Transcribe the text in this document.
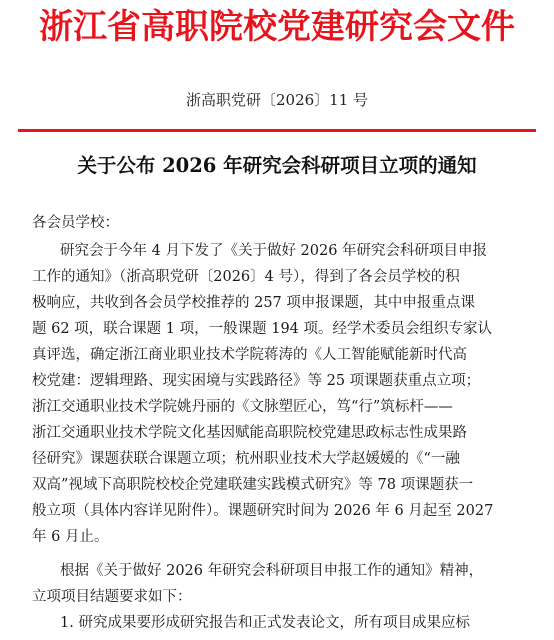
浙江省高职院校党建研究会文件
浙高职党研〔2026〕11 号
关于公布 2026 年研究会科研项目立项的通知
各会员学校：
研究会于今年 4 月下发了《关于做好 2026 年研究会科研项目申报
工作的通知》（浙高职党研〔2026〕4 号），得到了各会员学校的积
极响应，共收到各会员学校推荐的 257 项申报课题，其中申报重点课
题 62 项，联合课题 1 项，一般课题 194 项。经学术委员会组织专家认
真评选，确定浙江商业职业技术学院蒋涛的《人工智能赋能新时代高
校党建：逻辑理路、现实困境与实践路径》等 25 项课题获重点立项；
浙江交通职业技术学院姚丹丽的《文脉塑匠心，笃“行”筑标杆——
浙江交通职业技术学院文化基因赋能高职院校党建思政标志性成果路
径研究》课题获联合课题立项；杭州职业技术大学赵媛媛的《“一融
双高”视域下高职院校校企党建联建实践模式研究》等 78 项课题获一
般立项（具体内容详见附件）。课题研究时间为 2026 年 6 月起至 2027
年 6 月止。
根据《关于做好 2026 年研究会科研项目申报工作的通知》精神，
立项项目结题要求如下：
1. 研究成果要形成研究报告和正式发表论文，所有项目成果应标
